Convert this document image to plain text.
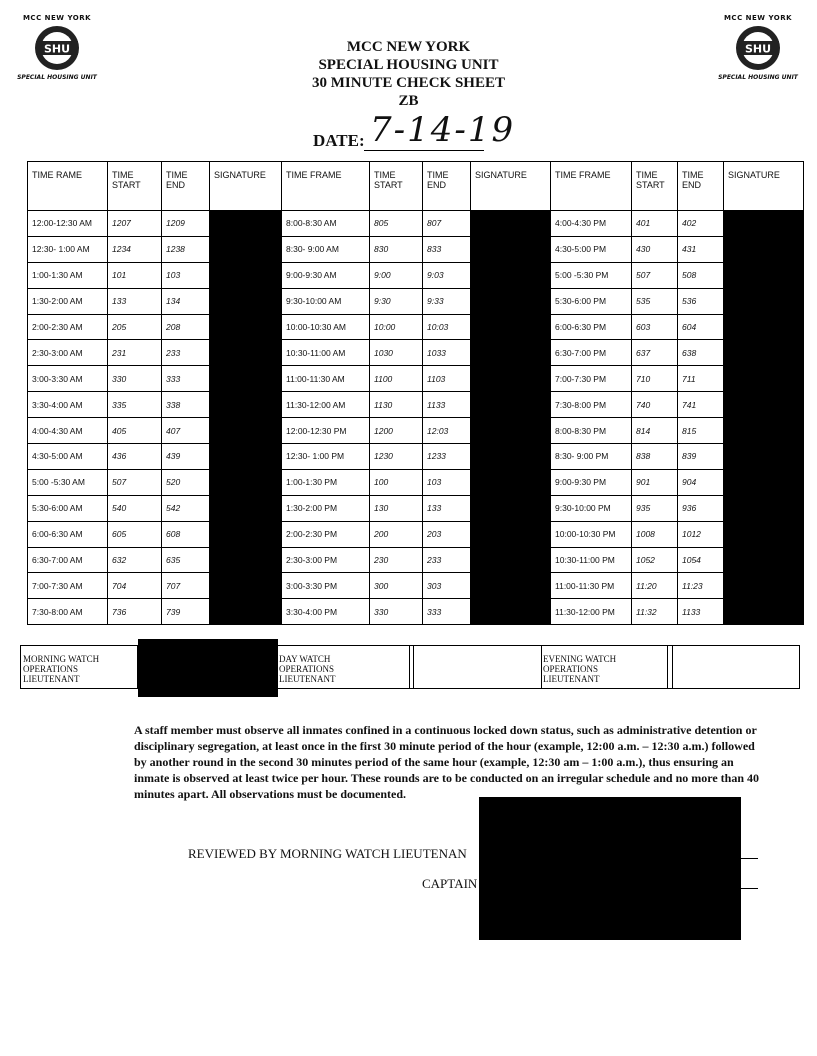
MCC NEW YORK
SHU
SPECIAL HOUSING UNIT
MCC NEW YORK
SHU
SPECIAL HOUSING UNIT
MCC NEW YORK
SPECIAL HOUSING UNIT
30 MINUTE CHECK SHEET
ZB
DATE: 7-14-19
TIME RAME	TIME START	TIME END	SIGNATURE	TIME FRAME	TIME START	TIME END	SIGNATURE	TIME FRAME	TIME START	TIME END	SIGNATURE
12:00-12:30 AM	1207	1209		8:00-8:30 AM	805	807		4:00-4:30 PM	401	402	
12:30- 1:00 AM	1234	1238		8:30- 9:00 AM	830	833		4:30-5:00 PM	430	431	
1:00-1:30 AM	101	103		9:00-9:30 AM	9:00	9:03		5:00 -5:30 PM	507	508	
1:30-2:00 AM	133	134		9:30-10:00 AM	9:30	9:33		5:30-6:00 PM	535	536	
2:00-2:30 AM	205	208		10:00-10:30 AM	10:00	10:03		6:00-6:30 PM	603	604	
2:30-3:00 AM	231	233		10:30-11:00 AM	1030	1033		6:30-7:00 PM	637	638	
3:00-3:30 AM	330	333		11:00-11:30 AM	1100	1103		7:00-7:30 PM	710	711	
3:30-4:00 AM	335	338		11:30-12:00 AM	1130	1133		7:30-8:00 PM	740	741	
4:00-4:30 AM	405	407		12:00-12:30 PM	1200	12:03		8:00-8:30 PM	814	815	
4:30-5:00 AM	436	439		12:30- 1:00 PM	1230	1233		8:30- 9:00 PM	838	839	
5:00 -5:30 AM	507	520		1:00-1:30 PM	100	103		9:00-9:30 PM	901	904	
5:30-6:00 AM	540	542		1:30-2:00 PM	130	133		9:30-10:00 PM	935	936	
6:00-6:30 AM	605	608		2:00-2:30 PM	200	203		10:00-10:30 PM	1008	1012	
6:30-7:00 AM	632	635		2:30-3:00 PM	230	233		10:30-11:00 PM	1052	1054	
7:00-7:30 AM	704	707		3:00-3:30 PM	300	303		11:00-11:30 PM	11:20	11:23	
7:30-8:00 AM	736	739		3:30-4:00 PM	330	333		11:30-12:00 PM	11:32	1133	
MORNING WATCH OPERATIONS LIEUTENANT
DAY WATCH OPERATIONS LIEUTENANT
EVENING WATCH OPERATIONS LIEUTENANT
A staff member must observe all inmates confined in a continuous locked down status, such as administrative detention or disciplinary segregation, at least once in the first 30 minute period of the hour (example, 12:00 a.m. – 12:30 a.m.) followed by another round in the second 30 minutes period of the same hour (example, 12:30 am – 1:00 a.m.), thus ensuring an inmate is observed at least twice per hour. These rounds are to be conducted on an irregular schedule and no more than 40 minutes apart. All observations must be documented.
REVIEWED BY MORNING WATCH LIEUTENAN
CAPTAIN
